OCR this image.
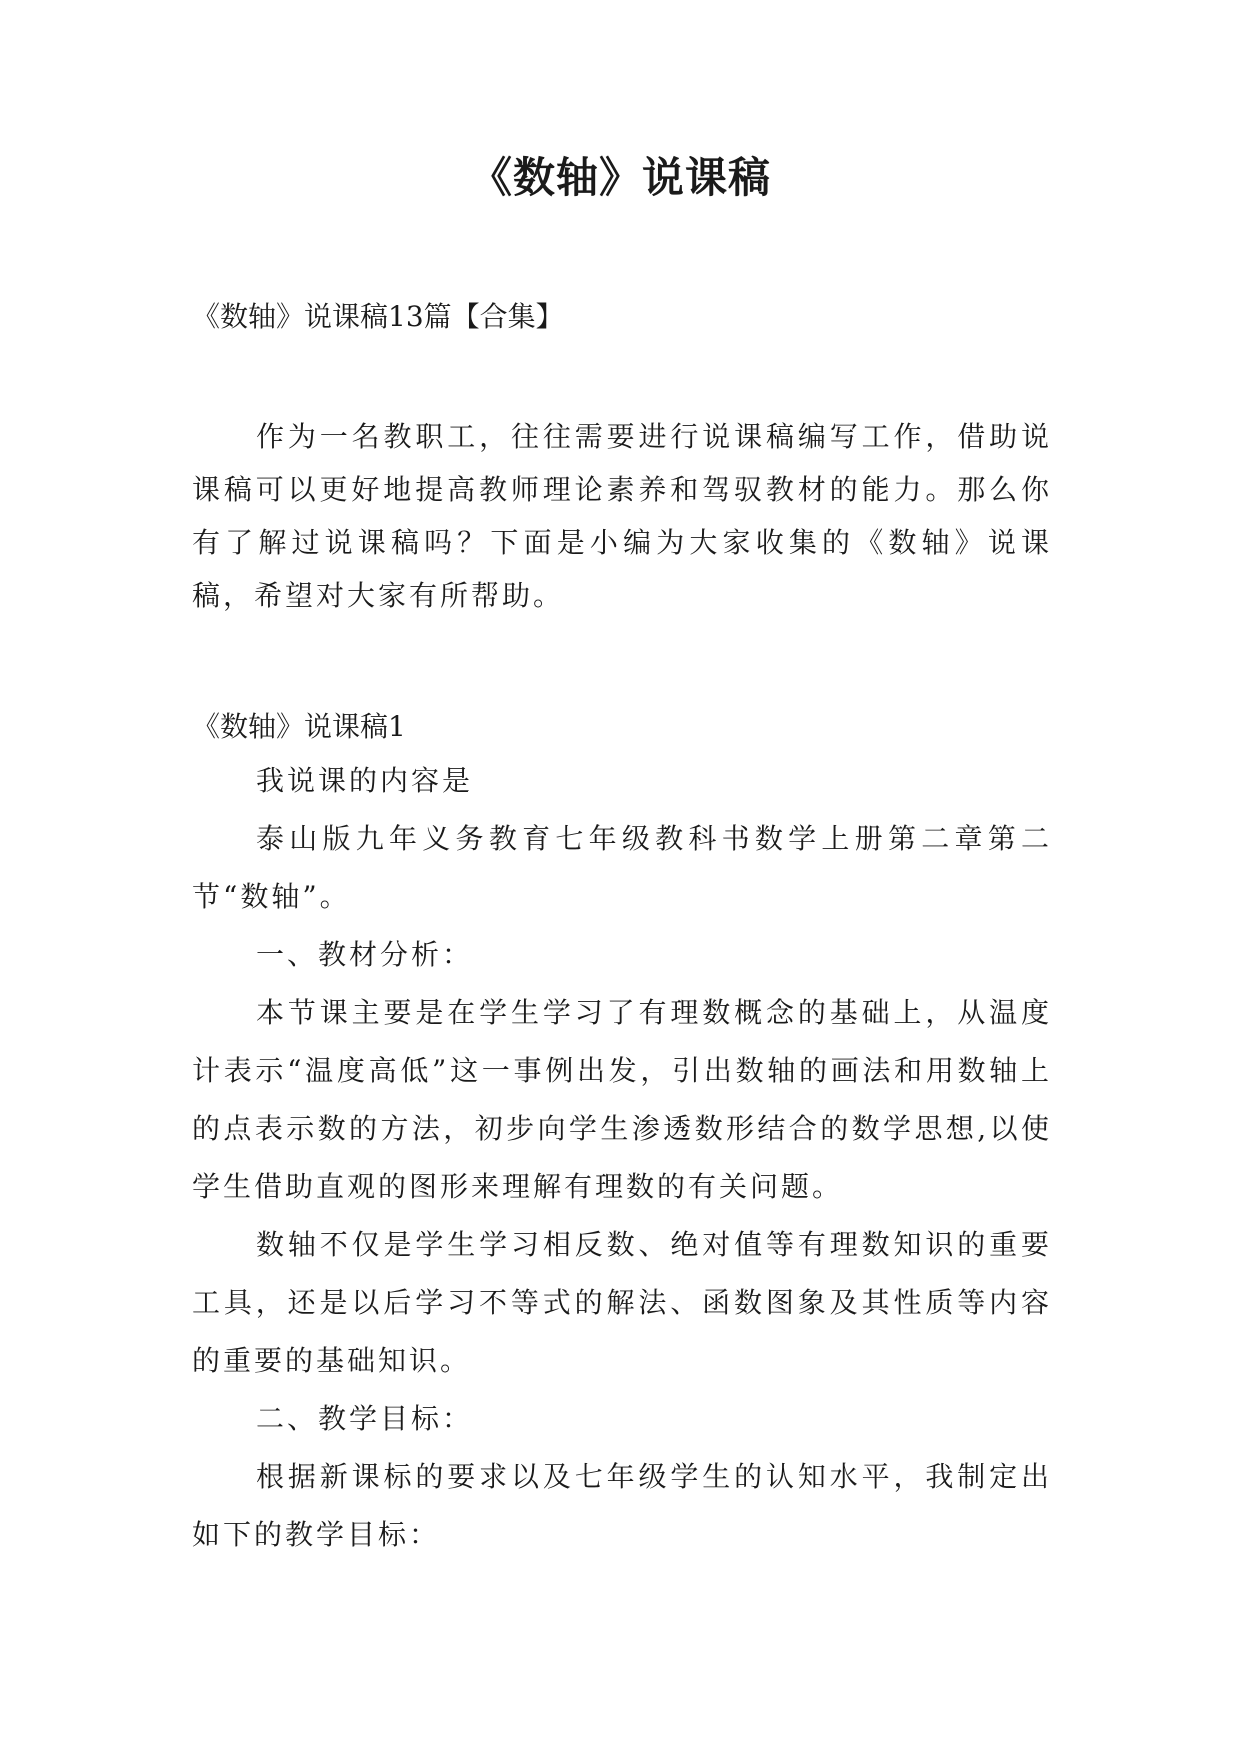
《数轴》说课稿

《数轴》说课稿13篇【合集】

作为一名教职工，往往需要进行说课稿编写工作，借助说课稿可以更好地提高教师理论素养和驾驭教材的能力。那么你有了解过说课稿吗？下面是小编为大家收集的《数轴》说课稿，希望对大家有所帮助。

《数轴》说课稿1

我说课的内容是

泰山版九年义务教育七年级教科书数学上册第二章第二节“数轴”。

一、教材分析：

本节课主要是在学生学习了有理数概念的基础上，从温度计表示“温度高低”这一事例出发，引出数轴的画法和用数轴上的点表示数的方法，初步向学生渗透数形结合的数学思想,以使学生借助直观的图形来理解有理数的有关问题。

数轴不仅是学生学习相反数、绝对值等有理数知识的重要工具，还是以后学习不等式的解法、函数图象及其性质等内容的重要的基础知识。

二、教学目标：

根据新课标的要求以及七年级学生的认知水平，我制定出如下的教学目标：
